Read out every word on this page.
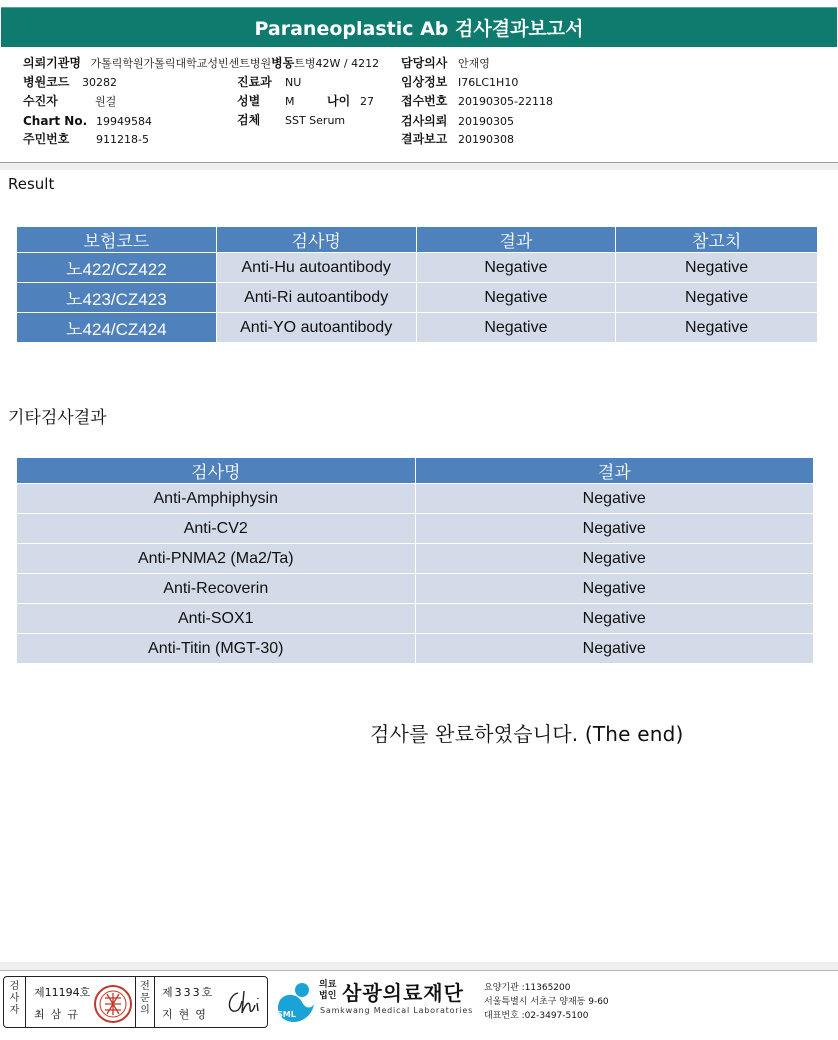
Paraneoplastic Ab 검사결과보고서
의뢰기관명 가톨릭학원가톨릭대학교성빈센트병원병동트병42W / 4212
병원코드 30282
수진자	원걸
Chart No. 19949584
주민번호 911218-5
진료과 NU
성별 M	나이 27
검체 SST Serum
담당의사 안재영
임상정보 I76LC1H10
접수번호 20190305-22118
검사의뢰 20190305
결과보고 20190308
Result
보험코드	검사명	결과	참고치
노422/CZ422	Anti-Hu autoantibody	Negative	Negative
노423/CZ423	Anti-Ri autoantibody	Negative	Negative
노424/CZ424	Anti-YO autoantibody	Negative	Negative
기타검사결과
검사명	결과
Anti-Amphiphysin	Negative
Anti-CV2	Negative
Anti-PNMA2 (Ma2/Ta)	Negative
Anti-Recoverin	Negative
Anti-SOX1	Negative
Anti-Titin (MGT-30)	Negative
검사를 완료하였습니다. (The end)
검사자
제11194호
최삼규
전문의
제333호
지현영	SML
의료법인 삼광의료재단
Samkwang Medical Laboratories
요양기관 :11365200
서울특별시 서초구 양재동 9-60
대표번호 :02-3497-5100
